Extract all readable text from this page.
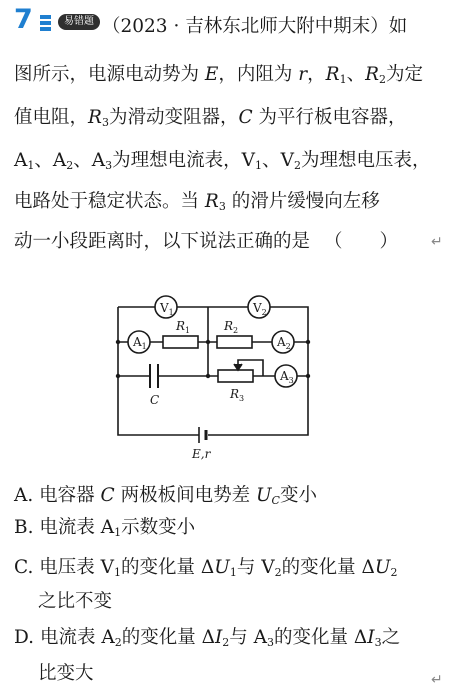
7	易错题 （2023 · 吉林东北师大附中期末）如
图所示，电源电动势为 E，内阻为 r，$R_1$、$R_2$为定
值电阻，$R_3$为滑动变阻器，C 为平行板电容器，
$A_1$、$A_2$、$A_3$为理想电流表，$V_1$、$V_2$为理想电压表，
电路处于稳定状态。当 $R_3$ 的滑片缓慢向左移
动一小段距离时，以下说法正确的是 （　　） ↵
$V_1$	$V_2$
$A_1$	$A_2$
$A_3$
$R_1$	$R_2$
$R_3$
C
E,r
A. 电容器 C 两极板间电势差 $U_C$变小
B. 电流表 $A_1$示数变小
C. 电压表 $V_1$的变化量 $\Delta U_1$与 $V_2$的变化量 $\Delta U_2$
之比不变
D. 电流表 $A_2$的变化量 $\Delta I_2$与 $A_3$的变化量 $\Delta I_3$之
比变大	↵
